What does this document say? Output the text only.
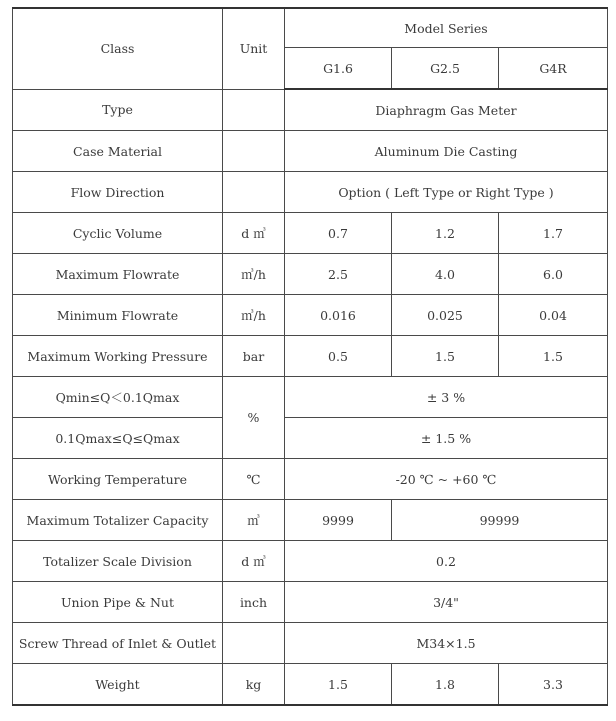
Class	Unit	Model Series		
		G1.6	G2.5	G4R
Type		Diaphragm Gas Meter		
Case Material		Aluminum Die Casting		
Flow Direction		Option ( Left Type or Right Type )		
Cyclic Volume	d ㎥	0.7	1.2	1.7
Maximum Flowrate	㎥/h	2.5	4.0	6.0
Minimum Flowrate	㎥/h	0.016	0.025	0.04
Maximum Working Pressure	bar	0.5	1.5	1.5
Qmin≤Q＜0.1Qmax	%	± 3 %		
0.1Qmax≤Q≤Qmax		± 1.5 %		
Working Temperature	℃	-20 ℃ ~ +60 ℃		
Maximum Totalizer Capacity	㎥	9999	99999	
Totalizer Scale Division	d ㎥	0.2		
Union Pipe & Nut	inch	3/4"		
Screw Thread of Inlet & Outlet		M34×1.5		
Weight	kg	1.5	1.8	3.3
